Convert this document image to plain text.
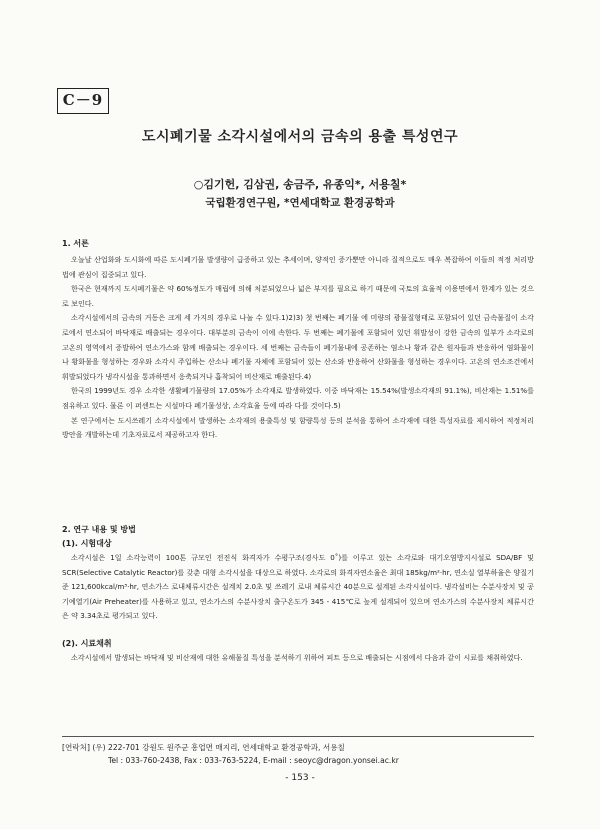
C－9
도시폐기물 소각시설에서의 금속의 용출 특성연구
○김기헌, 김삼권, 송금주, 유종익*, 서용칠*
국립환경연구원, *연세대학교 환경공학과
1. 서론

오늘날 산업화와 도시화에 따른 도시폐기물 발생량이 급증하고 있는 추세이며, 양적인 증가뿐만 아니라 질적으로도 매우 복잡하여 이들의 적정 처리방법에 관심이 집중되고 있다.

한국은 현재까지 도시폐기물은 약 60%정도가 매립에 의해 처분되었으나 넓은 부지를 필요로 하기 때문에 국토의 효율적 이용면에서 한계가 있는 것으로 보인다.

소각시설에서의 금속의 거동은 크게 세 가지의 경우로 나눌 수 있다.1)2)3) 첫 번째는 폐기물 에 미량의 광물질형태로 포함되어 있던 금속물질이 소각로에서 연소되어 바닥재로 배출되는 경우이다. 대부분의 금속이 이에 속한다. 두 번째는 폐기물에 포함되어 있던 휘발성이 강한 금속의 일부가 소각로의 고온의 영역에서 증발하여 연소가스와 함께 배출되는 경우이다. 세 번째는 금속들이 폐기물내에 공존하는 염소나 황과 같은 원자들과 반응하여 염화물이나 황화물을 형성하는 경우와 소각시 주입하는 산소나 폐기물 자체에 포함되어 있는 산소와 반응하여 산화물을 형성하는 경우이다. 고온의 연소조건에서 휘발되었다가 냉각시설을 통과하면서 응축되거나 흡착되어 비산재로 배출된다.4)

한국의 1999년도 경우 소각한 생활폐기물량의 17.05%가 소각재로 발생하였다. 이중 바닥재는 15.54%(발생소각재의 91.1%), 비산재는 1.51%를 점유하고 있다. 물론 이 퍼센트는 시설마다 폐기물성상, 소각효율 등에 따라 다를 것이다.5)

본 연구에서는 도시쓰레기 소각시설에서 발생하는 소각재의 용출특성 및 함량특성 등의 분석을 통하여 소각재에 대한 특성자료를 제시하여 적정처리 방안을 개발하는데 기초자료로서 제공하고자 한다.

2. 연구 내용 및 방법
(1). 시험대상

소각시설은 1일 소각능력이 100톤 규모인 전진식 화격자가 수평구조(경사도 0˚)를 이루고 있는 소각로와 대기오염방지시설로 SDA/BF 및 SCR(Selective Catalytic Reactor)를 갖춘 대형 소각시설을 대상으로 하였다. 소각로의 화격자연소율은 최대 185kg/m²·hr, 연소실 열부하율은 양질기준 121,600kcal/m³·hr, 연소가스 로내체류시간은 설계치 2.0초 및 쓰레기 로내 체류시간 40분으로 설계된 소각시설이다. 냉각설비는 수분사장치 및 공기예열기(Air Preheater)를 사용하고 있고, 연소가스의 수분사장치 출구온도가 345 - 415℃로 높게 설계되어 있으며 연소가스의 수분사장치 체류시간은 약 3.34초로 평가되고 있다.

(2). 시료채취

소각시설에서 발생되는 바닥재 및 비산재에 대한 유해물질 특성을 분석하기 위하여 피트 등으로 배출되는 시점에서 다음과 같이 시료를 채취하였다.

[연락처] (우) 222-701 강원도 원주군 흥업면 매지리, 연세대학교 환경공학과, 서용칠
Tel : 033-760-2438, Fax : 033-763-5224, E-mail : seoyc@dragon.yonsei.ac.kr
- 153 -
